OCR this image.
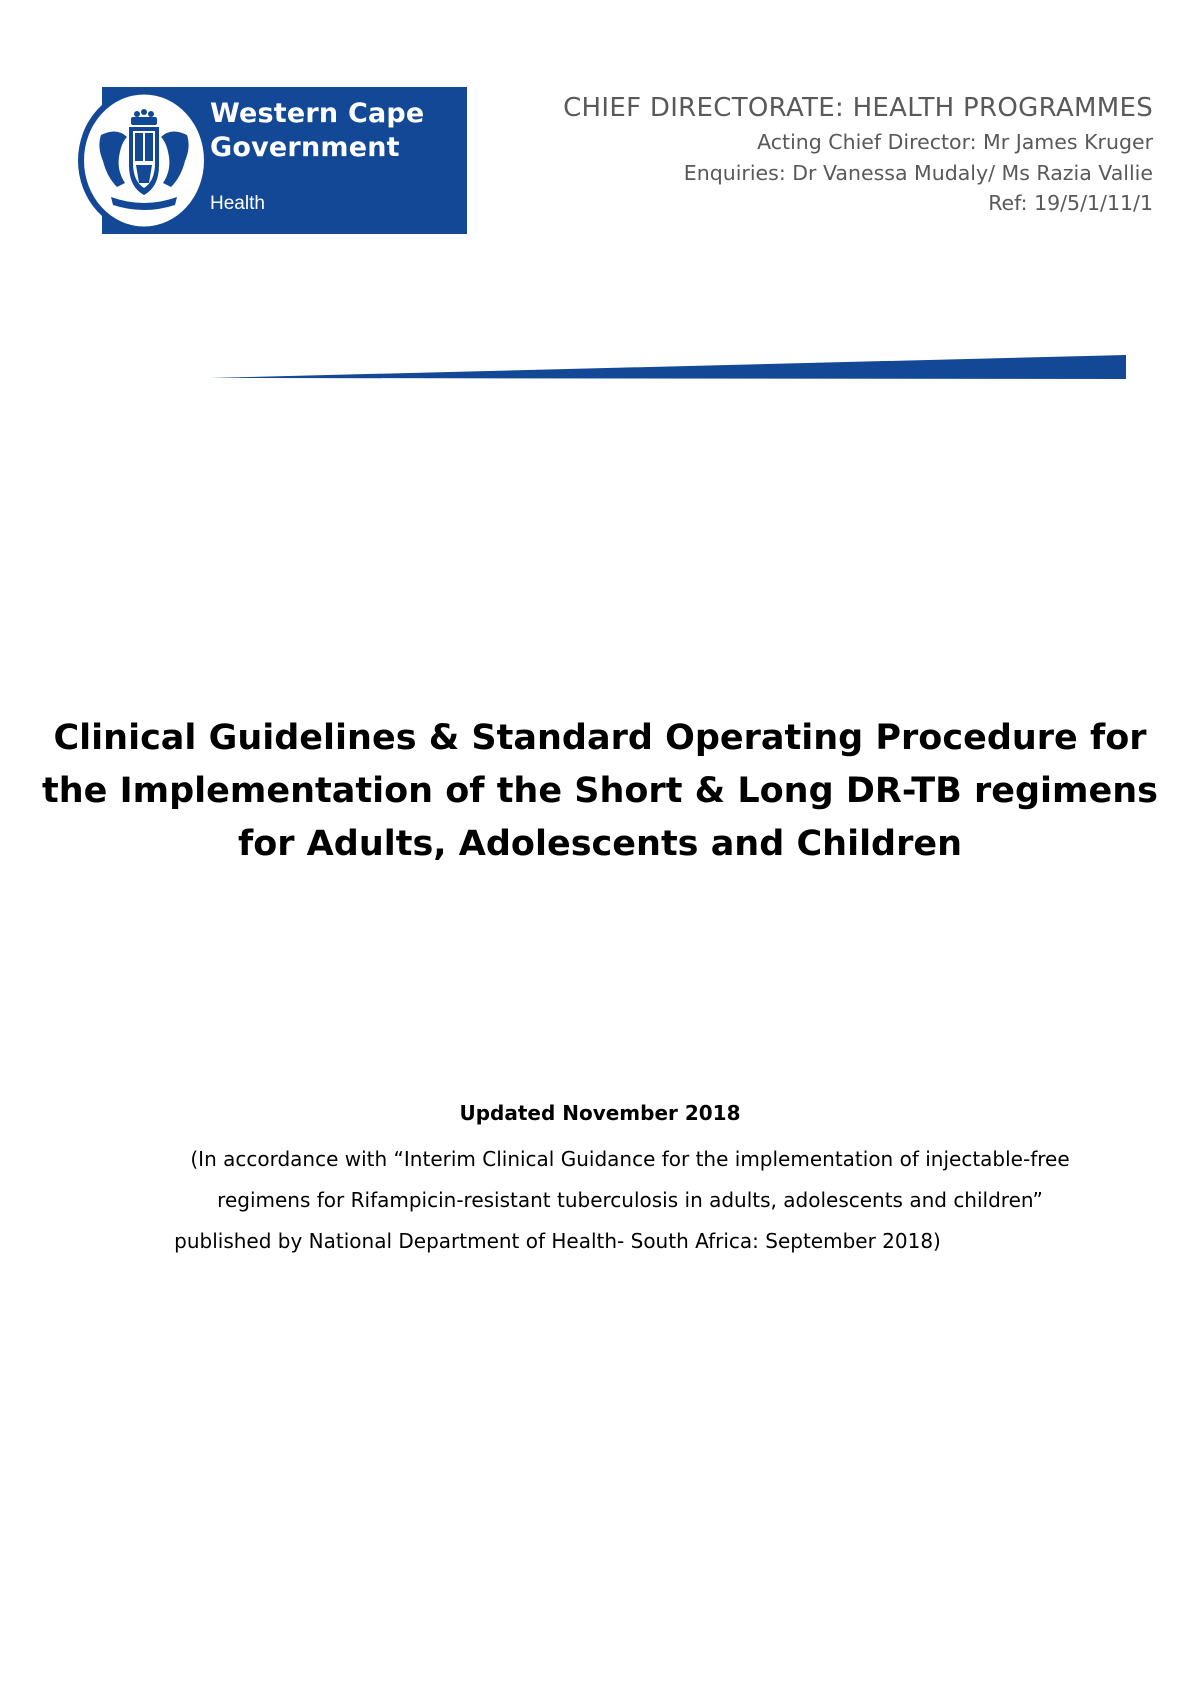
Western Cape
Government
Health
CHIEF DIRECTORATE: HEALTH PROGRAMMES
Acting Chief Director: Mr James Kruger
Enquiries: Dr Vanessa Mudaly/ Ms Razia Vallie
Ref: 19/5/1/11/1
Clinical Guidelines & Standard Operating Procedure for
the Implementation of the Short & Long DR-TB regimens
for Adults, Adolescents and Children
Updated November 2018
(In accordance with “Interim Clinical Guidance for the implementation of injectable-free
regimens for Rifampicin-resistant tuberculosis in adults, adolescents and children”
published by National Department of Health- South Africa: September 2018)
